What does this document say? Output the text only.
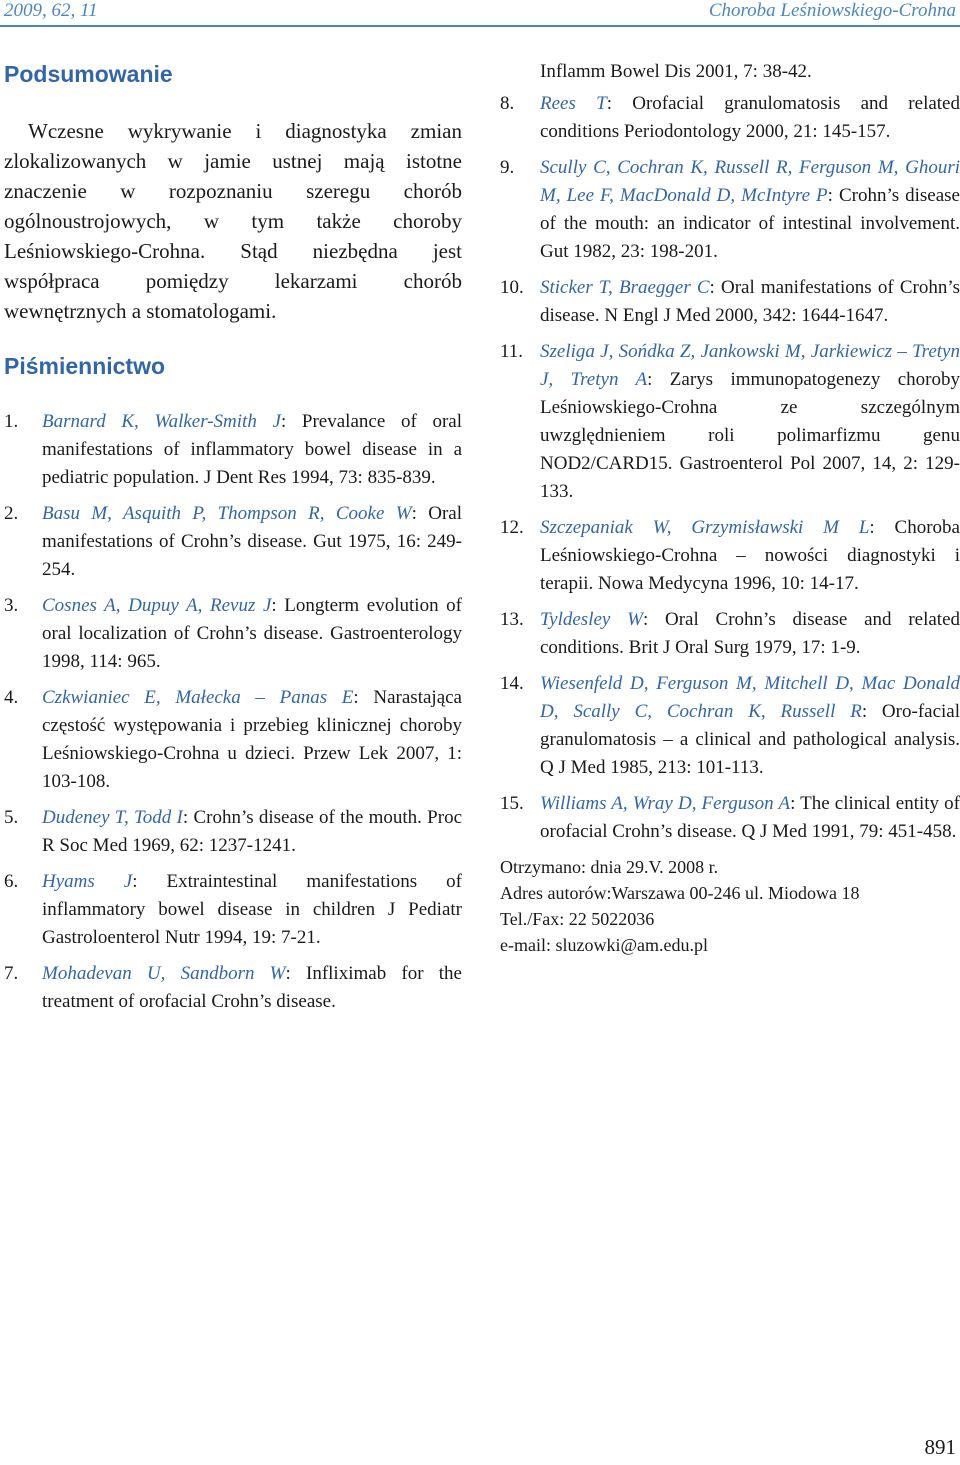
2009, 62, 11	Choroba Leśniowskiego-Crohna
Podsumowanie

Wczesne wykrywanie i diagnostyka zmian zlokalizowanych w jamie ustnej mają istotne znaczenie w rozpoznaniu szeregu chorób ogólnoustrojowych, w tym także choroby Leśniowskiego-Crohna. Stąd niezbędna jest współpraca pomiędzy lekarzami chorób wewnętrznych a stomatologami.

Piśmiennictwo
1. Barnard K, Walker-Smith J: Prevalance of oral manifestations of inflammatory bowel disease in a pediatric population. J Dent Res 1994, 73: 835-839.
2. Basu M, Asquith P, Thompson R, Cooke W: Oral manifestations of Crohn’s disease. Gut 1975, 16: 249-254.
3. Cosnes A, Dupuy A, Revuz J: Longterm evolution of oral localization of Crohn’s disease. Gastroenterology 1998, 114: 965.
4. Czkwianiec E, Małecka – Panas E: Narastająca częstość występowania i przebieg klinicznej choroby Leśniowskiego-Crohna u dzieci. Przew Lek 2007, 1: 103-108.
5. Dudeney T, Todd I: Crohn’s disease of the mouth. Proc R Soc Med 1969, 62: 1237-1241.
6. Hyams J: Extraintestinal manifestations of inflammatory bowel disease in children J Pediatr Gastroloenterol Nutr 1994, 19: 7-21.
7. Mohadevan U, Sandborn W: Infliximab for the treatment of orofacial Crohn’s disease.
Inflamm Bowel Dis 2001, 7: 38-42.
8. Rees T: Orofacial granulomatosis and related conditions Periodontology 2000, 21: 145-157.
9. Scully C, Cochran K, Russell R, Ferguson M, Ghouri M, Lee F, MacDonald D, McIntyre P: Crohn’s disease of the mouth: an indicator of intestinal involvement. Gut 1982, 23: 198-201.
10. Sticker T, Braegger C: Oral manifestations of Crohn’s disease. N Engl J Med 2000, 342: 1644-1647.
11. Szeliga J, Sońdka Z, Jankowski M, Jarkiewicz – Tretyn J, Tretyn A: Zarys immunopatogenezy choroby Leśniowskiego-Crohna ze szczególnym uwzględnieniem roli polimarfizmu genu NOD2/CARD15. Gastroenterol Pol 2007, 14, 2: 129-133.
12. Szczepaniak W, Grzymisławski M L: Choroba Leśniowskiego-Crohna – nowości diagnostyki i terapii. Nowa Medycyna 1996, 10: 14-17.
13. Tyldesley W: Oral Crohn’s disease and related conditions. Brit J Oral Surg 1979, 17: 1-9.
14. Wiesenfeld D, Ferguson M, Mitchell D, Mac Donald D, Scally C, Cochran K, Russell R: Oro-facial granulomatosis – a clinical and pathological analysis. Q J Med 1985, 213: 101-113.
15. Williams A, Wray D, Ferguson A: The clinical entity of orofacial Crohn’s disease. Q J Med 1991, 79: 451-458.
Otrzymano: dnia 29.V. 2008 r.
Adres autorów:Warszawa 00-246 ul. Miodowa 18
Tel./Fax: 22 5022036
e-mail: sluzowki@am.edu.pl
891
